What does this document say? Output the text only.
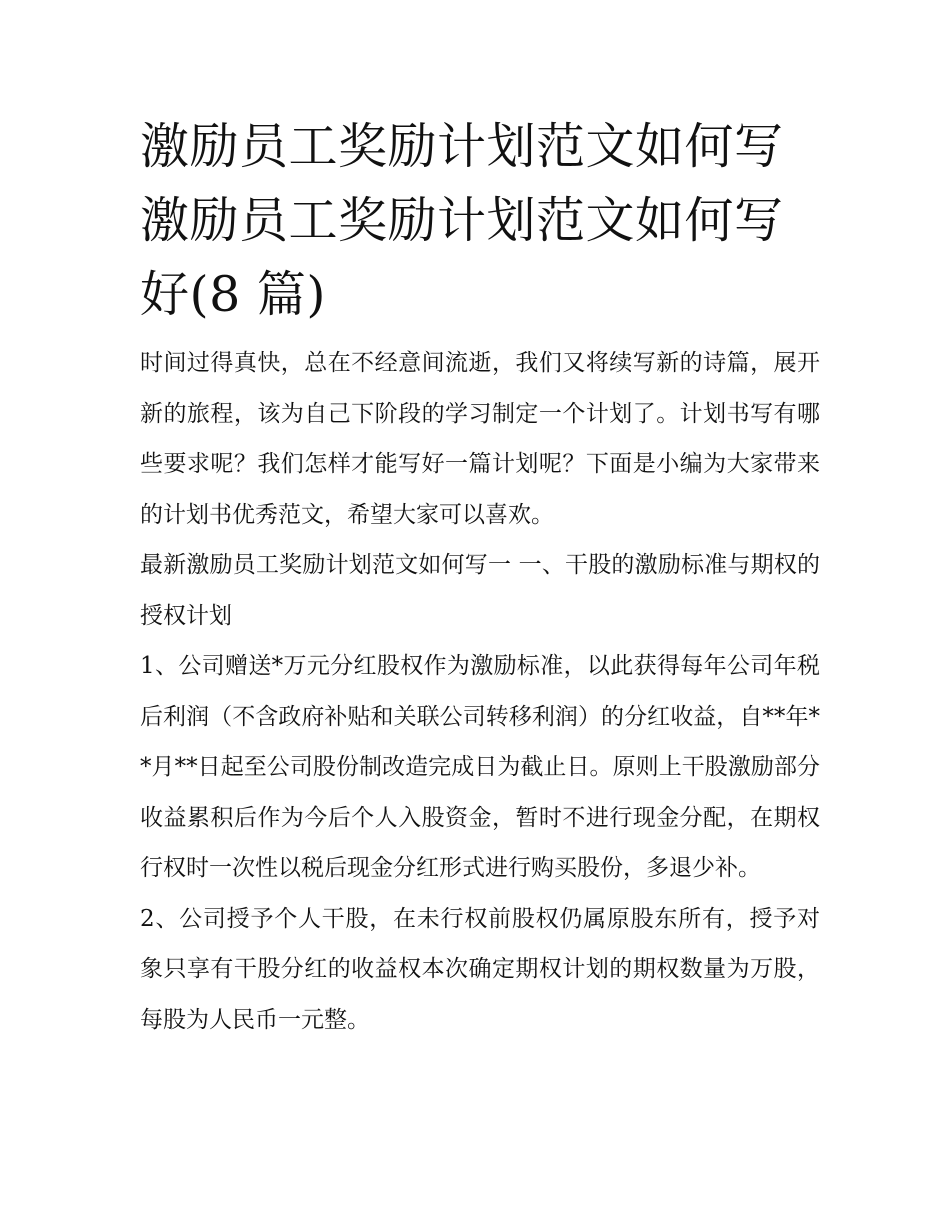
激励员工奖励计划范文如何写
激励员工奖励计划范文如何写
好(8 篇)

时间过得真快，总在不经意间流逝，我们又将续写新的诗篇，展开新的旅程，该为自己下阶段的学习制定一个计划了。计划书写有哪些要求呢？我们怎样才能写好一篇计划呢？下面是小编为大家带来的计划书优秀范文，希望大家可以喜欢。

最新激励员工奖励计划范文如何写一 一、干股的激励标准与期权的授权计划

1、公司赠送*万元分红股权作为激励标准，以此获得每年公司年税后利润（不含政府补贴和关联公司转移利润）的分红收益，自**年**月**日起至公司股份制改造完成日为截止日。原则上干股激励部分收益累积后作为今后个人入股资金，暂时不进行现金分配，在期权行权时一次性以税后现金分红形式进行购买股份，多退少补。

2、公司授予个人干股，在未行权前股权仍属原股东所有，授予对象只享有干股分红的收益权本次确定期权计划的期权数量为万股，每股为人民币一元整。
